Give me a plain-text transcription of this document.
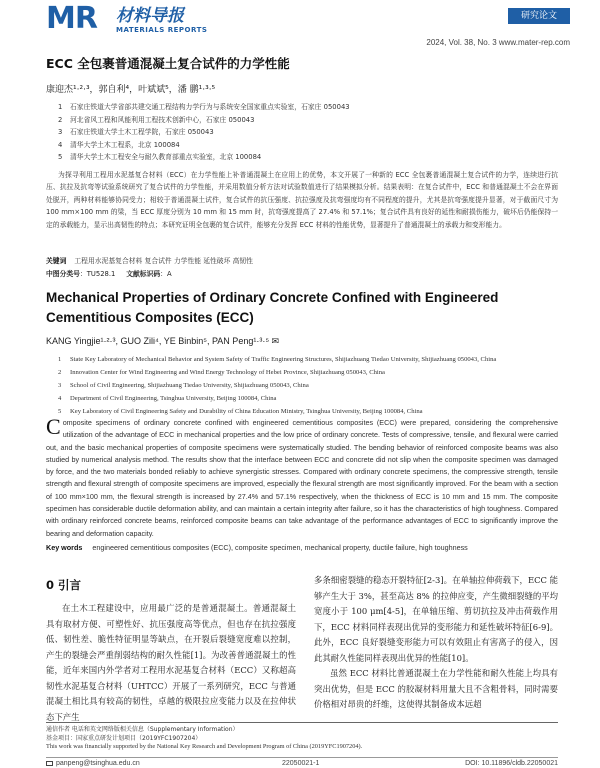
MR 材料导报
MATERIALS REPORTS
研究论文
2024, Vol. 38, No. 3 www.mater-rep.com
ECC 全包裹普通混凝土复合试件的力学性能
康迎杰¹·²·³，郭自利⁴，叶斌斌⁵，潘 鹏¹·³·⁵
1 石家庄铁道大学省部共建交通工程结构力学行为与系统安全国家重点实验室，石家庄 050043
2 河北省风工程和风能利用工程技术创新中心，石家庄 050043
3 石家庄铁道大学土木工程学院，石家庄 050043
4 清华大学土木工程系，北京 100084
5 清华大学土木工程安全与耐久教育部重点实验室，北京 100084
为探寻利用工程用水泥基复合材料（ECC）在力学性能上补普通混凝土在应用上的优势，本文开展了一种新的 ECC 全包裹普通混凝土复合试件的力学，连续进行抗压、抗拉及抗弯等试验系统研究了复合试件的力学性能，并采用数值分析方法对试验数值进行了结果模拟分析。结果表明：在复合试件中，ECC 和普通混凝土不会在界面处脱开，两种材料能够协同受力；相较于普通混凝土试件，复合试件的抗压强度、抗拉强度及抗弯强度均有不同程度的提升，尤其是抗弯强度提升显著，对于截面尺寸为 100 mm×100 mm 的梁，当 ECC 厚度分别为 10 mm 和 15 mm 时，抗弯强度提高了 27.4% 和 57.1%；复合试件具有良好的延性和耐损伤能力，破坏后仍能保持一定的承载能力，显示出高韧性的特点；本研究证明全包裹的复合试件，能够充分发挥 ECC 材料的性能优势，显著提升了普通混凝土的承载力和变形能力。
关键词 工程用水泥基复合材料 复合试件 力学性能 延性破坏 高韧性
中图分类号：TU528.1 文献标识码：A
Mechanical Properties of Ordinary Concrete Confined with Engineered Cementitious Composites (ECC)
KANG Yingjie¹·²·³, GUO Zili⁴, YE Binbin⁵, PAN Peng¹·³·⁵ ✉
1 State Key Laboratory of Mechanical Behavior and System Safety of Traffic Engineering Structures, Shijiazhuang Tiedao University, Shijiazhuang 050043, China
2 Innovation Center for Wind Engineering and Wind Energy Technology of Hebei Province, Shijiazhuang 050043, China
3 School of Civil Engineering, Shijiazhuang Tiedao University, Shijiazhuang 050043, China
4 Department of Civil Engineering, Tsinghua University, Beijing 100084, China
5 Key Laboratory of Civil Engineering Safety and Durability of China Education Ministry, Tsinghua University, Beijing 100084, China
Composite specimens of ordinary concrete confined with engineered cementitious composites (ECC) were prepared, considering the comprehensive utilization of the advantage of ECC in mechanical properties and the low price of ordinary concrete. Tests of compressive, tensile, and flexural were carried out, and the basic mechanical properties of composite specimens were systematically studied. The bending behavior of reinforced composite beams was also studied by numerical analysis method. The results show that the interface between ECC and concrete did not slip when the composite specimen was damaged by force, and the two materials bonded reliably to achieve synergistic stresses. Compared with ordinary concrete specimens, the compressive strength, tensile strength and flexural strength of composite specimens are improved, especially the flexural strength are most significantly improved. For the beam with a section of 100 mm×100 mm, the flexural strength is increased by 27.4% and 57.1% respectively, when the thickness of ECC is 10 mm and 15 mm. The composite specimen has considerable ductile deformation ability, and can maintain a certain integrity after failure, so it has the characteristics of high toughness. Compared with ordinary reinforced concrete beams, reinforced composite beams can take advantage of the performance advantages of ECC to significantly improve the bearing and deformation capacity.
Key words engineered cementitious composites (ECC), composite specimen, mechanical property, ductile failure, high toughness
0 引言
在土木工程建设中，应用最广泛的是普通混凝土。普通混凝土具有取材方便、可塑性好、抗压强度高等优点，但也存在抗拉强度低、韧性差、脆性特征明显等缺点，在开裂后裂缝宽度难以控制，产生的裂缝会严重削弱结构的耐久性能[1]。为改善普通混凝土的性能，近年来国内外学者对工程用水泥基复合材料（ECC）又称超高韧性水泥基复合材料（UHTCC）开展了一系列研究，ECC 与普通混凝土相比具有较高的韧性，卓越的极限拉应变能力以及在拉伸状态下产生
多条细密裂缝的稳态开裂特征[2-3]。在单轴拉伸荷载下，ECC 能够产生大于 3%，甚至高达 8% 的拉伸应变，产生微细裂缝的平均宽度小于 100 μm[4-5]，在单轴压缩、剪切抗拉及冲击荷载作用下，ECC 材料同样表现出优异的变形能力和延性破坏特征[6-9]。此外，ECC 良好裂缝变形能力可以有效阻止有害离子的侵入，因此其耐久性能同样表现出优异的性能[10]。
虽然 ECC 材料比普通混凝土在力学性能和耐久性能上均具有突出优势，但是 ECC 的胶凝材料用量大且不含粗骨料，同时需要价格相对昂贵的纤维，这使得其制备成本远超
通信作者 电话和英文网络版相关信息（Supplementary Information）
基金项目：国家重点研发计划项目（2019YFC1907204）
This work was financially supported by the National Key Research and Development Program of China (2019YFC1907204).
panpeng@tsinghua.edu.cn	22050021-1	DOI: 10.11896/cldb.22050021
